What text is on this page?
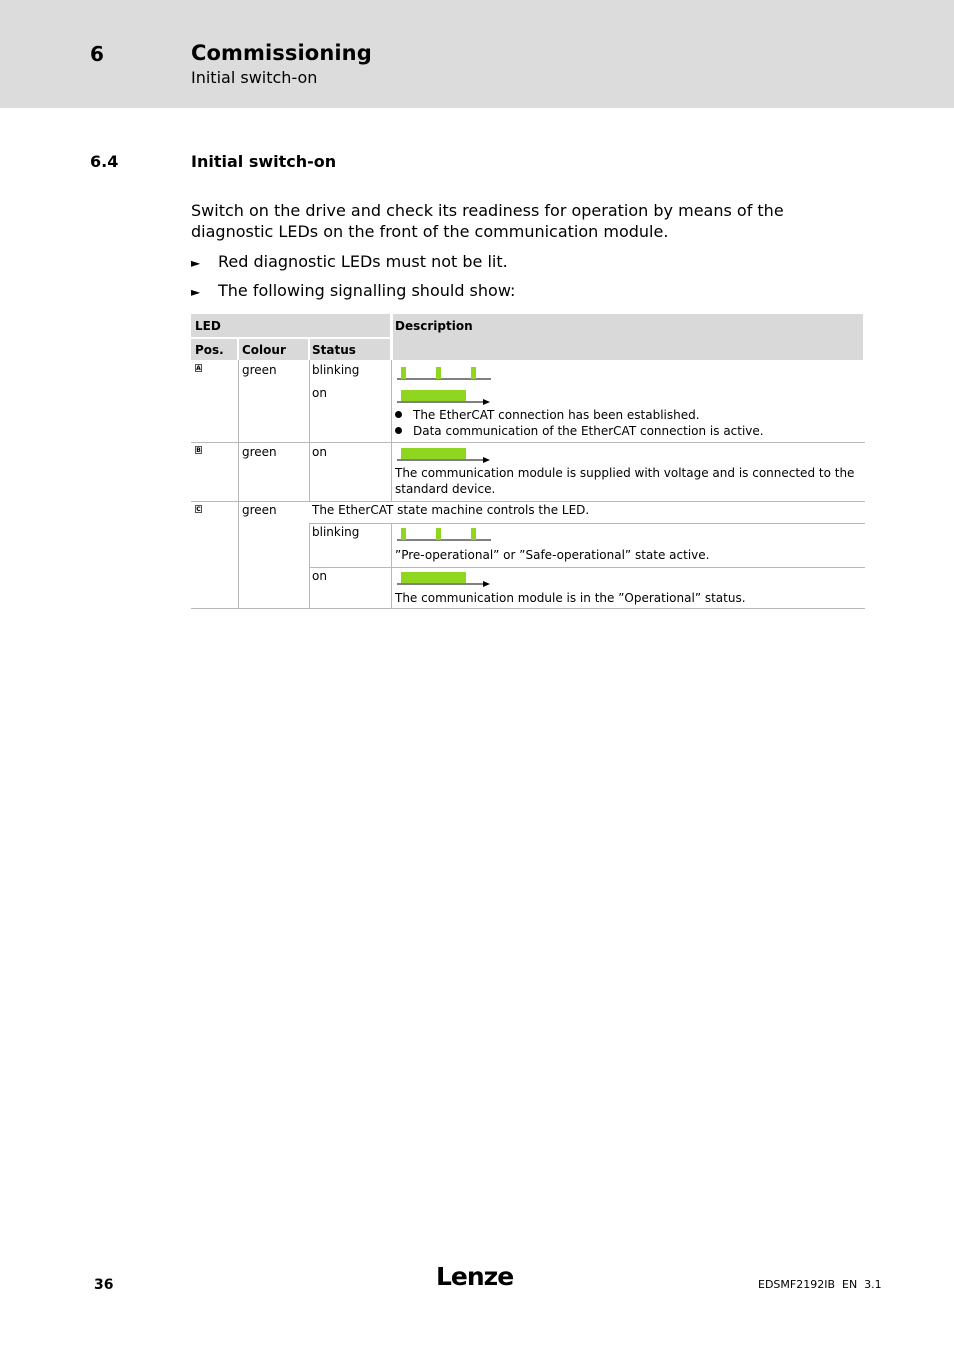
6	Commissioning
Initial switch-on
6.4	Initial switch-on
Switch on the drive and check its readiness for operation by means of the diagnostic LEDs on the front of the communication module.
► Red diagnostic LEDs must not be lit.
► The following signalling should show:
LED	Description
Pos. Colour Status
A	green	blinking
on
The EtherCAT connection has been established.
Data communication of the EtherCAT connection is active.
B	green	on
The communication module is supplied with voltage and is connected to the standard device.
C	green	The EtherCAT state machine controls the LED.
blinking
”Pre-operational” or ”Safe-operational” state active.
on
The communication module is in the ”Operational” status.
36	Lenze	EDSMF2192IB  EN  3.1
